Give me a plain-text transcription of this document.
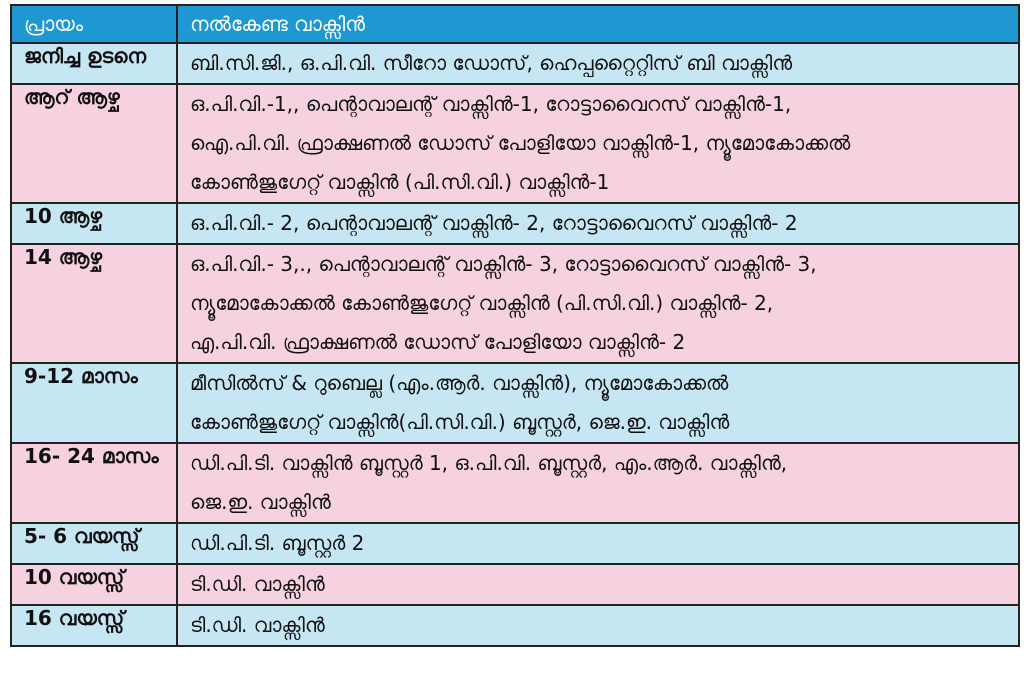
പ്രായം	നൽകേണ്ട വാക്സിൻ
ജനിച്ച ഉടനെ	ബി.സി.ജി., ഒ.പി.വി. സീറോ ഡോസ്, ഹെപ്പറ്റൈറ്റിസ് ബി വാക്സിൻ

ആറ് ആഴ്ച	ഒ.പി.വി.-1,, പെന്റാവാലന്റ് വാക്സിൻ-1, റോട്ടാവൈറസ് വാക്സിൻ-1,
ഐ.പി.വി. ഫ്രാക്ഷണൽ ഡോസ് പോളിയോ വാക്സിൻ-1, ന്യൂമോകോക്കൽ
കോൺജുഗേറ്റ് വാക്സിൻ (പി.സി.വി.) വാക്സിൻ-1

10 ആഴ്ച	ഒ.പി.വി.- 2, പെന്റാവാലന്റ് വാക്സിൻ- 2, റോട്ടാവൈറസ് വാക്സിൻ- 2

14 ആഴ്ച	ഒ.പി.വി.- 3,., പെന്റാവാലന്റ് വാക്സിൻ- 3, റോട്ടാവൈറസ് വാക്സിൻ- 3,
ന്യൂമോകോക്കൽ കോൺജുഗേറ്റ് വാക്സിൻ (പി.സി.വി.) വാക്സിൻ- 2,
എ.പി.വി. ഫ്രാക്ഷണൽ ഡോസ് പോളിയോ വാക്സിൻ- 2

9-12 മാസം	മീസിൽസ് & റുബെല്ല (എം.ആർ. വാക്സിൻ), ന്യൂമോകോക്കൽ
കോൺജുഗേറ്റ് വാക്സിൻ(പി.സി.വി.) ബൂസ്റ്റർ, ജെ.ഇ. വാക്സിൻ

16- 24 മാസം	ഡി.പി.ടി. വാക്സിൻ ബൂസ്റ്റർ 1, ഒ.പി.വി. ബൂസ്റ്റർ, എം.ആർ. വാക്സിൻ,
ജെ.ഇ. വാക്സിൻ

5- 6 വയസ്സ്	ഡി.പി.ടി. ബൂസ്റ്റർ 2

10 വയസ്സ്	ടി.ഡി. വാക്സിൻ

16 വയസ്സ്	ടി.ഡി. വാക്സിൻ
